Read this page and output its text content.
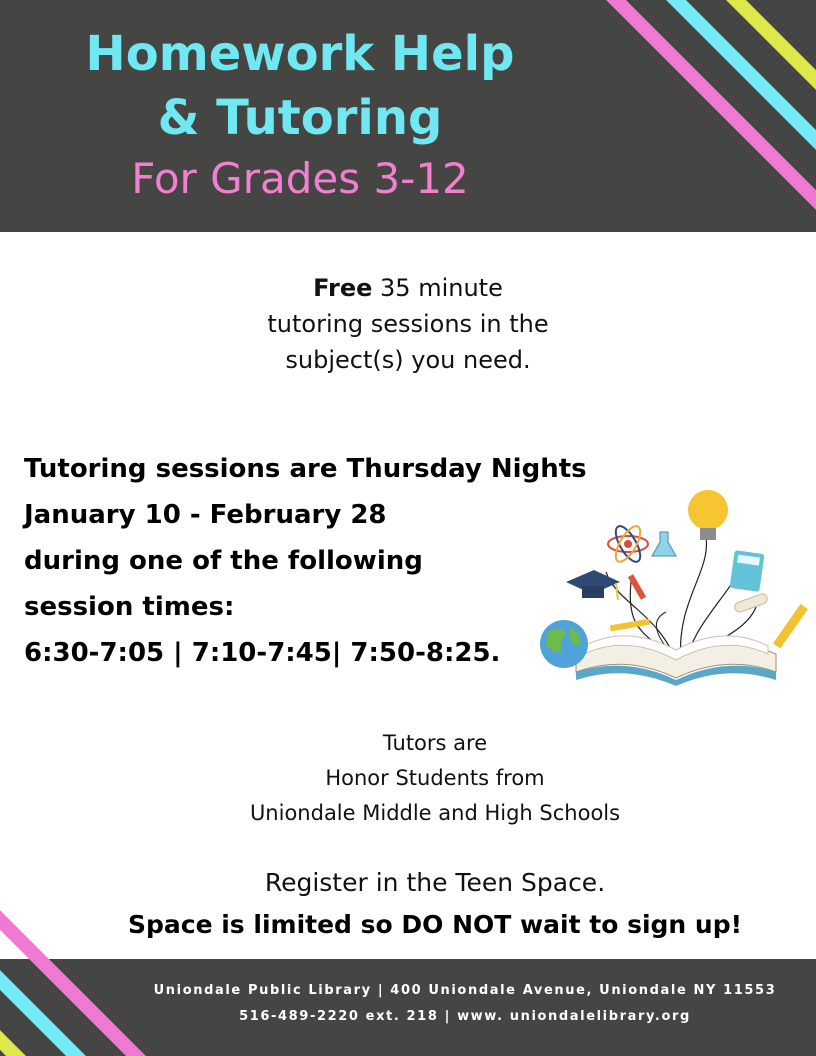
Homework Help
& Tutoring
For Grades 3-12
Free 35 minute
tutoring sessions in the
subject(s) you need.
Tutoring sessions are Thursday Nights
January 10 - February 28
during one of the following
session times:
6:30-7:05 | 7:10-7:45| 7:50-8:25.
Tutors are
Honor Students from
Uniondale Middle and High Schools
Register in the Teen Space.
Space is limited so DO NOT wait to sign up!
Uniondale Public Library | 400 Uniondale Avenue, Uniondale NY 11553
516-489-2220 ext. 218 | www. uniondalelibrary.org
